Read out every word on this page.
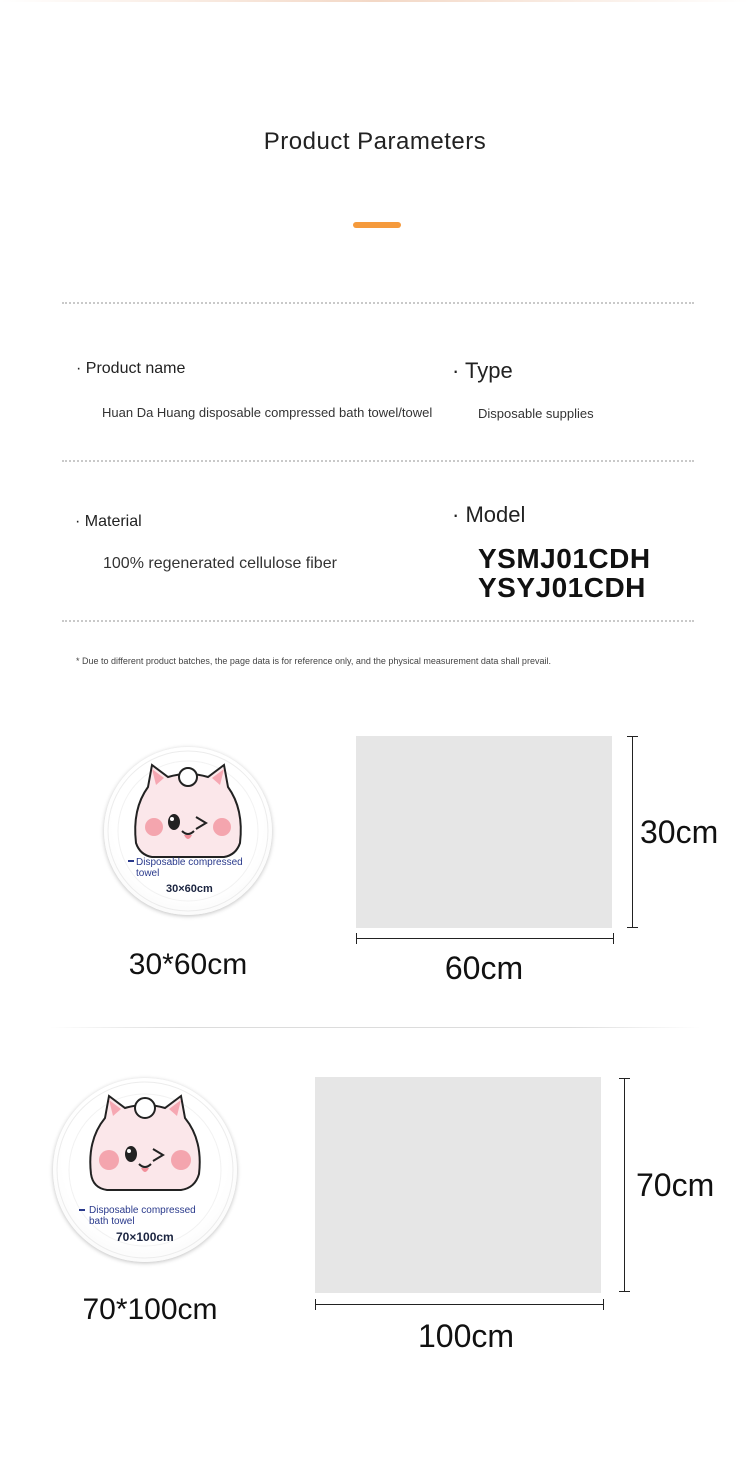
Product Parameters
· Product name
Huan Da Huang disposable compressed bath towel/towel
· Type
Disposable supplies
· Material
100% regenerated cellulose fiber
· Model
YSMJ01CDH
YSYJ01CDH
* Due to different product batches, the page data is for reference only, and the physical measurement data shall prevail.
Disposable compressed
towel
30×60cm
30*60cm
30cm
60cm
Disposable compressed
bath towel
70×100cm
70*100cm
70cm
100cm
